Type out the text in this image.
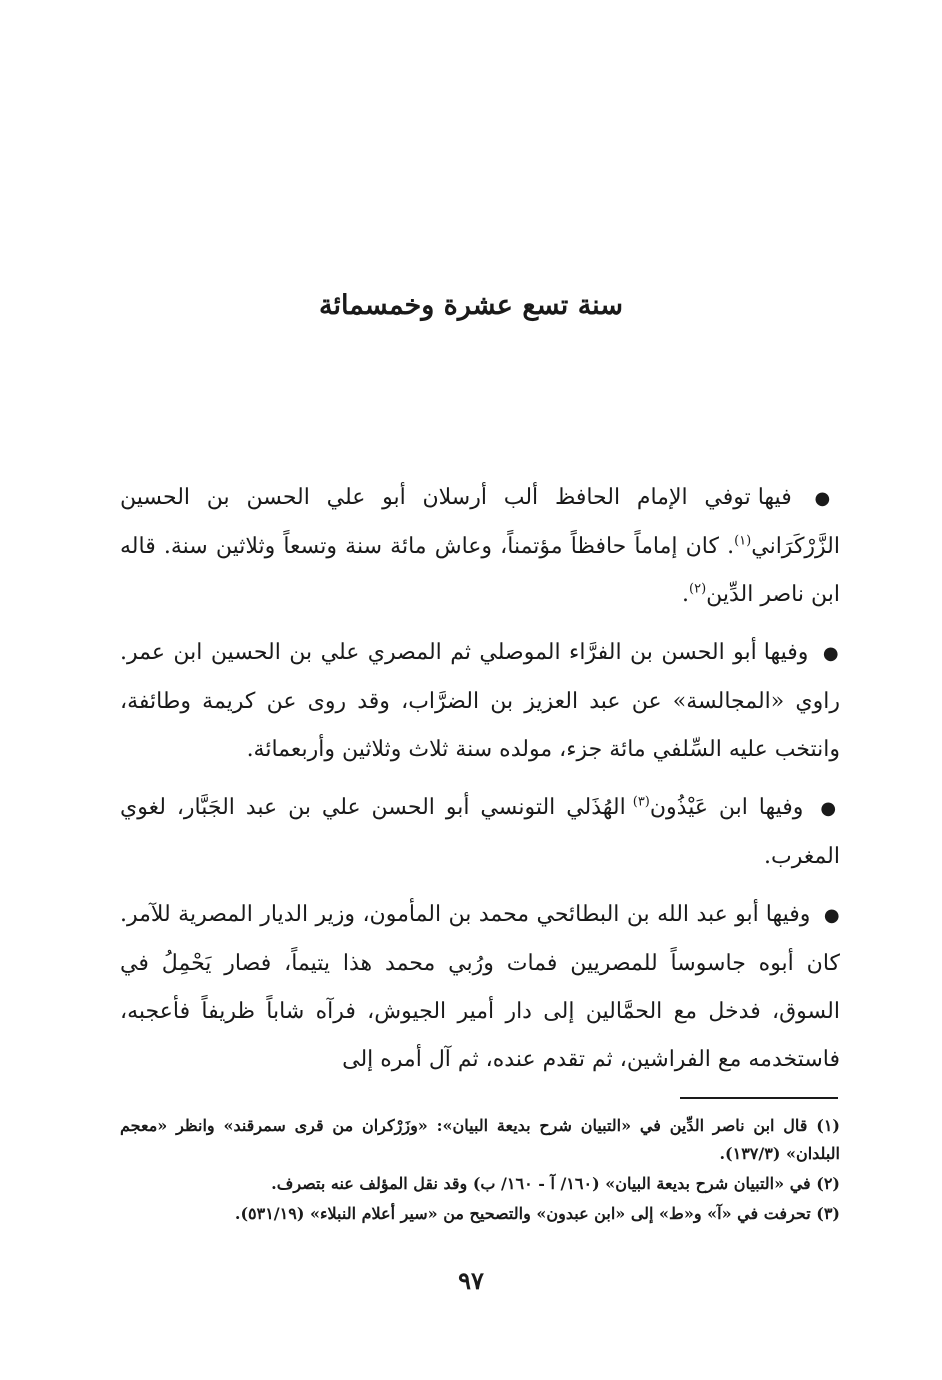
سنة تسع عشرة وخمسمائة

● فيها توفي الإمام الحافظ ألب أرسلان أبو علي الحسن بن الحسين الزَّرْكَرَاني$^{(١)}$. كان إماماً حافظاً مؤتمناً، وعاش مائة سنة وتسعاً وثلاثين سنة. قاله ابن ناصر الدِّين$^{(٢)}$.

● وفيها أبو الحسن بن الفرَّاء الموصلي ثم المصري علي بن الحسين ابن عمر. راوي «المجالسة» عن عبد العزيز بن الضرَّاب، وقد روى عن كريمة وطائفة، وانتخب عليه السِّلفي مائة جزء، مولده سنة ثلاث وثلاثين وأربعمائة.

● وفيها ابن عَيْذُون$^{(٣)}$ الهُذَلي التونسي أبو الحسن علي بن عبد الجَبَّار، لغوي المغرب.

● وفيها أبو عبد الله بن البطائحي محمد بن المأمون، وزير الديار المصرية للآمر. كان أبوه جاسوساً للمصريين فمات ورُبي محمد هذا يتيماً، فصار يَحْمِلُ في السوق، فدخل مع الحمَّالين إلى دار أمير الجيوش، فرآه شاباً ظريفاً فأعجبه، فاستخدمه مع الفراشين، ثم تقدم عنده، ثم آل أمره إلى

(١) قال ابن ناصر الدِّين في «التبيان شرح بديعة البيان»: «وزَرْكران من قرى سمرقند» وانظر «معجم البلدان» (١٣٧/٣).

(٢) في «التبيان شرح بديعة البيان» (١٦٠/ آ - ١٦٠/ ب) وقد نقل المؤلف عنه بتصرف.

(٣) تحرفت في «آ» و«ط» إلى «ابن عبدون» والتصحيح من «سير أعلام النبلاء» (٥٣١/١٩).

٩٧
